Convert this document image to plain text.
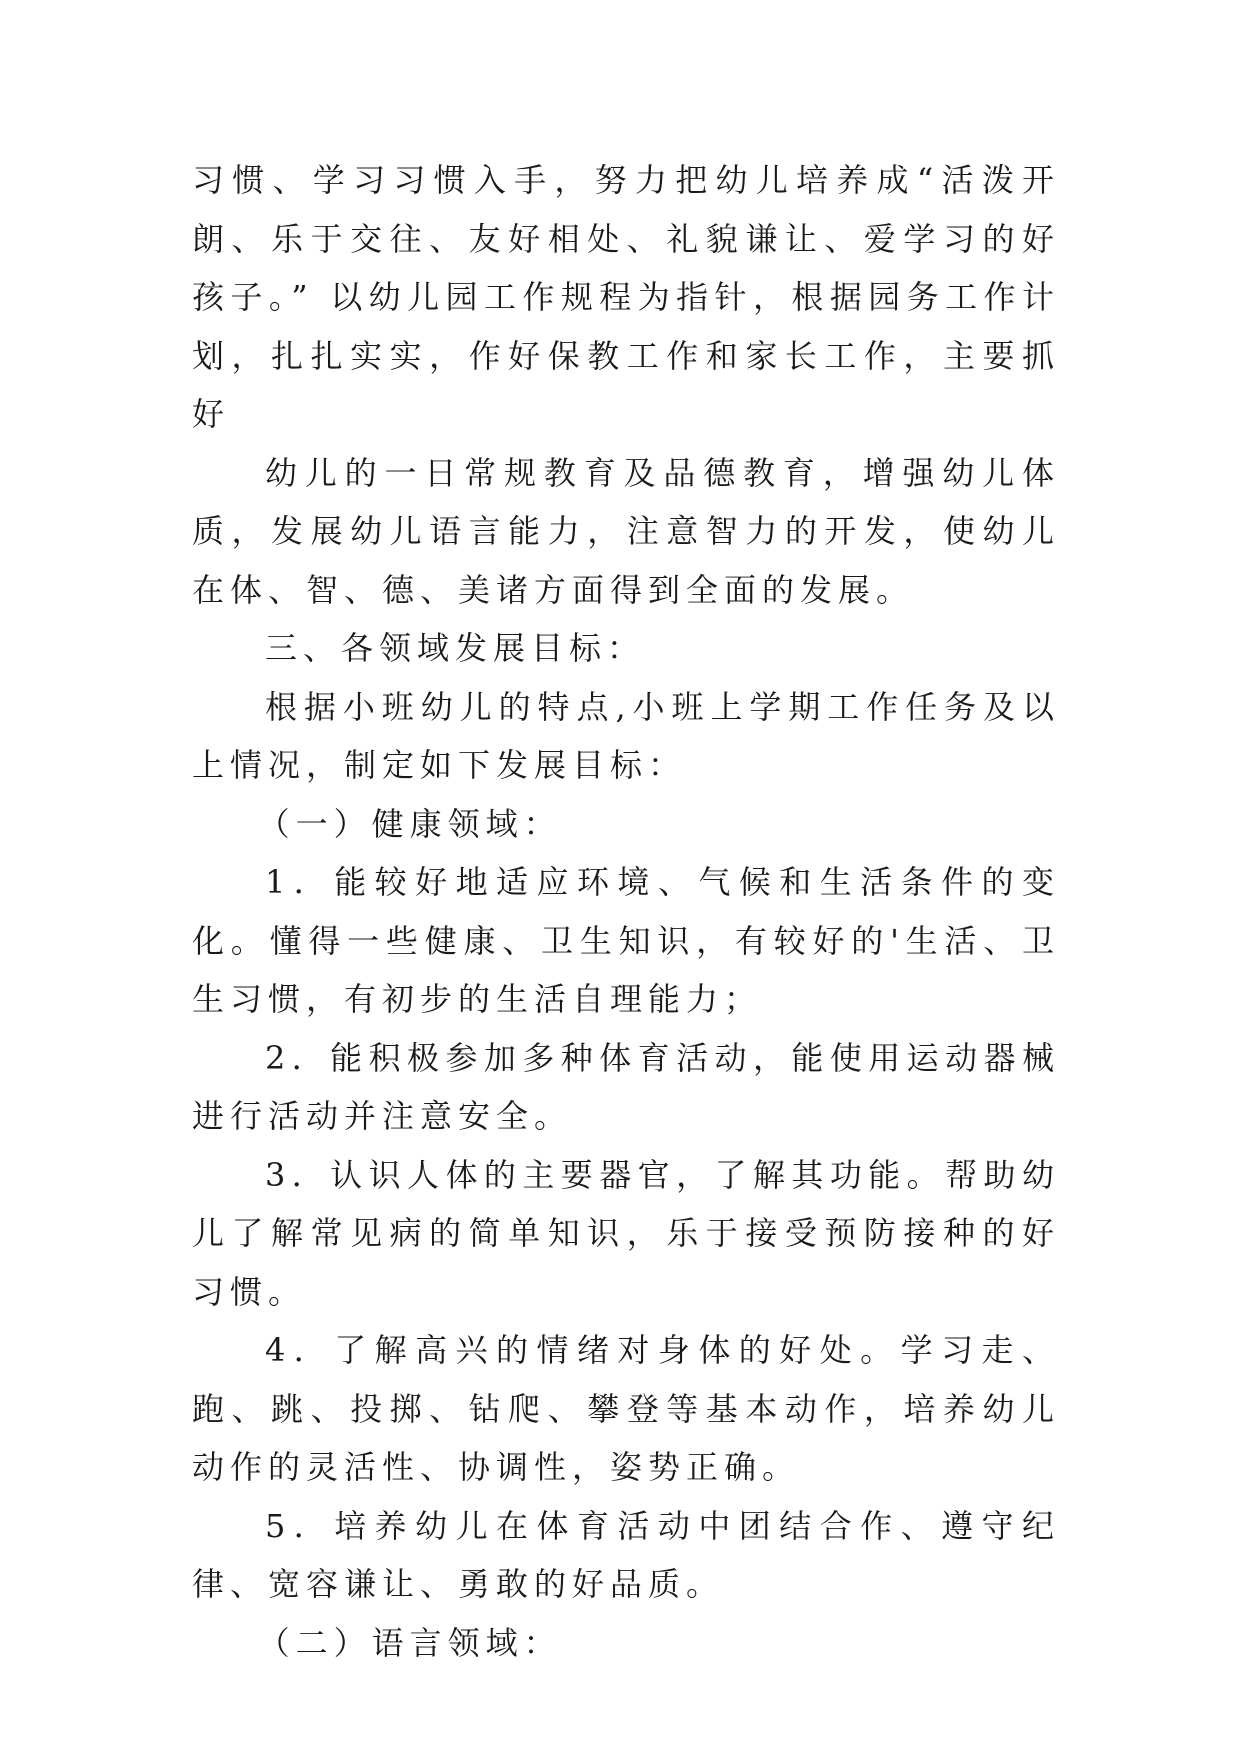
习惯、学习习惯入手，努力把幼儿培养成“活泼开朗、乐于交往、友好相处、礼貌谦让、爱学习的好孩子。” 以幼儿园工作规程为指针，根据园务工作计划，扎扎实实，作好保教工作和家长工作，主要抓好

幼儿的一日常规教育及品德教育，增强幼儿体质，发展幼儿语言能力，注意智力的开发，使幼儿在体、智、德、美诸方面得到全面的发展。

三、各领域发展目标：

根据小班幼儿的特点,小班上学期工作任务及以上情况，制定如下发展目标：

（一）健康领域：

1．能较好地适应环境、气候和生活条件的变化。懂得一些健康、卫生知识，有较好的'生活、卫生习惯，有初步的生活自理能力；

2．能积极参加多种体育活动，能使用运动器械进行活动并注意安全。

3．认识人体的主要器官，了解其功能。帮助幼儿了解常见病的简单知识，乐于接受预防接种的好习惯。

4．了解高兴的情绪对身体的好处。学习走、跑、跳、投掷、钻爬、攀登等基本动作，培养幼儿动作的灵活性、协调性，姿势正确。

5．培养幼儿在体育活动中团结合作、遵守纪律、宽容谦让、勇敢的好品质。

（二）语言领域：
